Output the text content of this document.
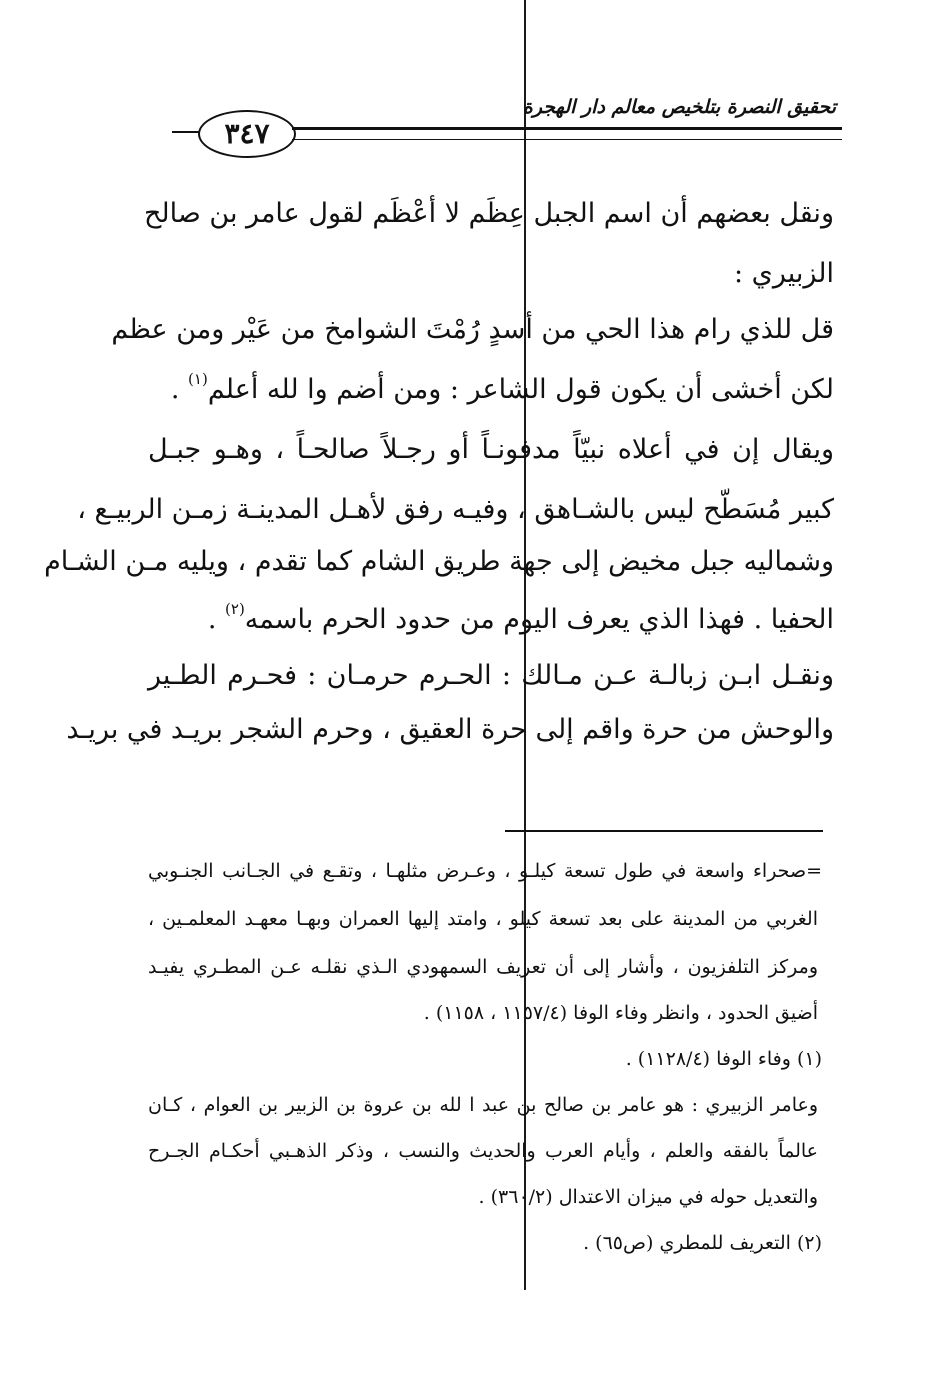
تحقيق النصرة بتلخيص معالم دار الهجرة
٣٤٧
ونقل بعضهم أن اسم الجبل عِظَم لا أعْظَم لقول عامر بن صالح
الزبيري :
قل للذي رام هذا الحي من أسدٍ رُمْتَ الشوامخ من عَيْر ومن عظم
لكن أخشى أن يكون قول الشاعر : ومن أضم وا لله أعلم$^{(١)}$ .
ويقال إن في أعلاه نبيّاً مدفونـاً أو رجـلاً صالحـاً ، وهـو جبـل
كبير مُسَطّح ليس بالشـاهق ، وفيـه رفق لأهـل المدينـة زمـن الربيـع ،
وشماليه جبل مخيض إلى جهة طريق الشام كما تقدم ، ويليه مـن الشـام
الحفيا . فهذا الذي يعرف اليوم من حدود الحرم باسمه$^{(٢)}$ .
ونقـل ابـن زبالـة عـن مـالك : الحـرم حرمـان : فحـرم الطـير
والوحش من حرة واقم إلى حرة العقيق ، وحرم الشجر بريـد في بريـد
=صحراء واسعة في طول تسعة كيلـو ، وعـرض مثلهـا ، وتقـع في الجـانب الجنـوبي
الغربي من المدينة على بعد تسعة كيلو ، وامتد إليها العمران وبهـا معهـد المعلمـين ،
ومركز التلفزيون ، وأشار إلى أن تعريف السمهودي الـذي نقلـه عـن المطـري يفيـد
أضيق الحدود ، وانظر وفاء الوفا (١١٥٧/٤ ، ١١٥٨) .
(١) وفاء الوفا (١١٢٨/٤) .
وعامر الزبيري : هو عامر بن صالح بن عبد ا لله بن عروة بن الزبير بن العوام ، كـان
عالماً بالفقه والعلم ، وأيام العرب والحديث والنسب ، وذكر الذهـبي أحكـام الجـرح
والتعديل حوله في ميزان الاعتدال (٣٦٠/٢) .
(٢) التعريف للمطري (ص٦٥) .
